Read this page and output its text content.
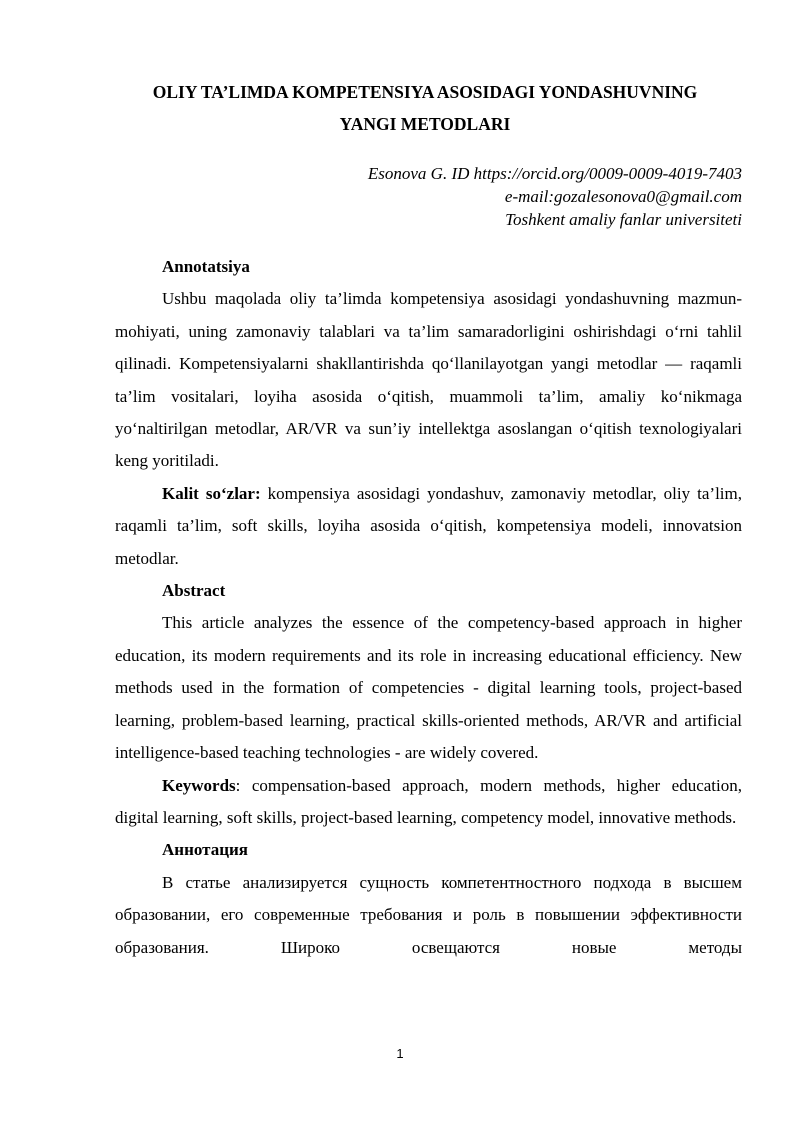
OLIY TA’LIMDA KOMPETENSIYA ASOSIDAGI YONDASHUVNING
YANGI METODLARI
Esonova G. ID https://orcid.org/0009-0009-4019-7403
e-mail:gozalesonova0@gmail.com
Toshkent amaliy fanlar universiteti

Annotatsiya

Ushbu maqolada oliy ta’limda kompetensiya asosidagi yondashuvning mazmun-mohiyati, uning zamonaviy talablari va ta’lim samaradorligini oshirishdagi o‘rni tahlil qilinadi. Kompetensiyalarni shakllantirishda qo‘llanilayotgan yangi metodlar — raqamli ta’lim vositalari, loyiha asosida o‘qitish, muammoli ta’lim, amaliy ko‘nikmaga yo‘naltirilgan metodlar, AR/VR va sun’iy intellektga asoslangan o‘qitish texnologiyalari keng yoritiladi.

Kalit so‘zlar: kompensiya asosidagi yondashuv, zamonaviy metodlar, oliy ta’lim, raqamli ta’lim, soft skills, loyiha asosida o‘qitish, kompetensiya modeli, innovatsion metodlar.

Abstract

This article analyzes the essence of the competency-based approach in higher education, its modern requirements and its role in increasing educational efficiency. New methods used in the formation of competencies - digital learning tools, project-based learning, problem-based learning, practical skills-oriented methods, AR/VR and artificial intelligence-based teaching technologies - are widely covered.

Keywords: compensation-based approach, modern methods, higher education, digital learning, soft skills, project-based learning, competency model, innovative methods.

Аннотация

В статье анализируется сущность компетентностного подхода в высшем образовании, его современные требования и роль в повышении эффективности образования. Широко освещаются новые методы

1
